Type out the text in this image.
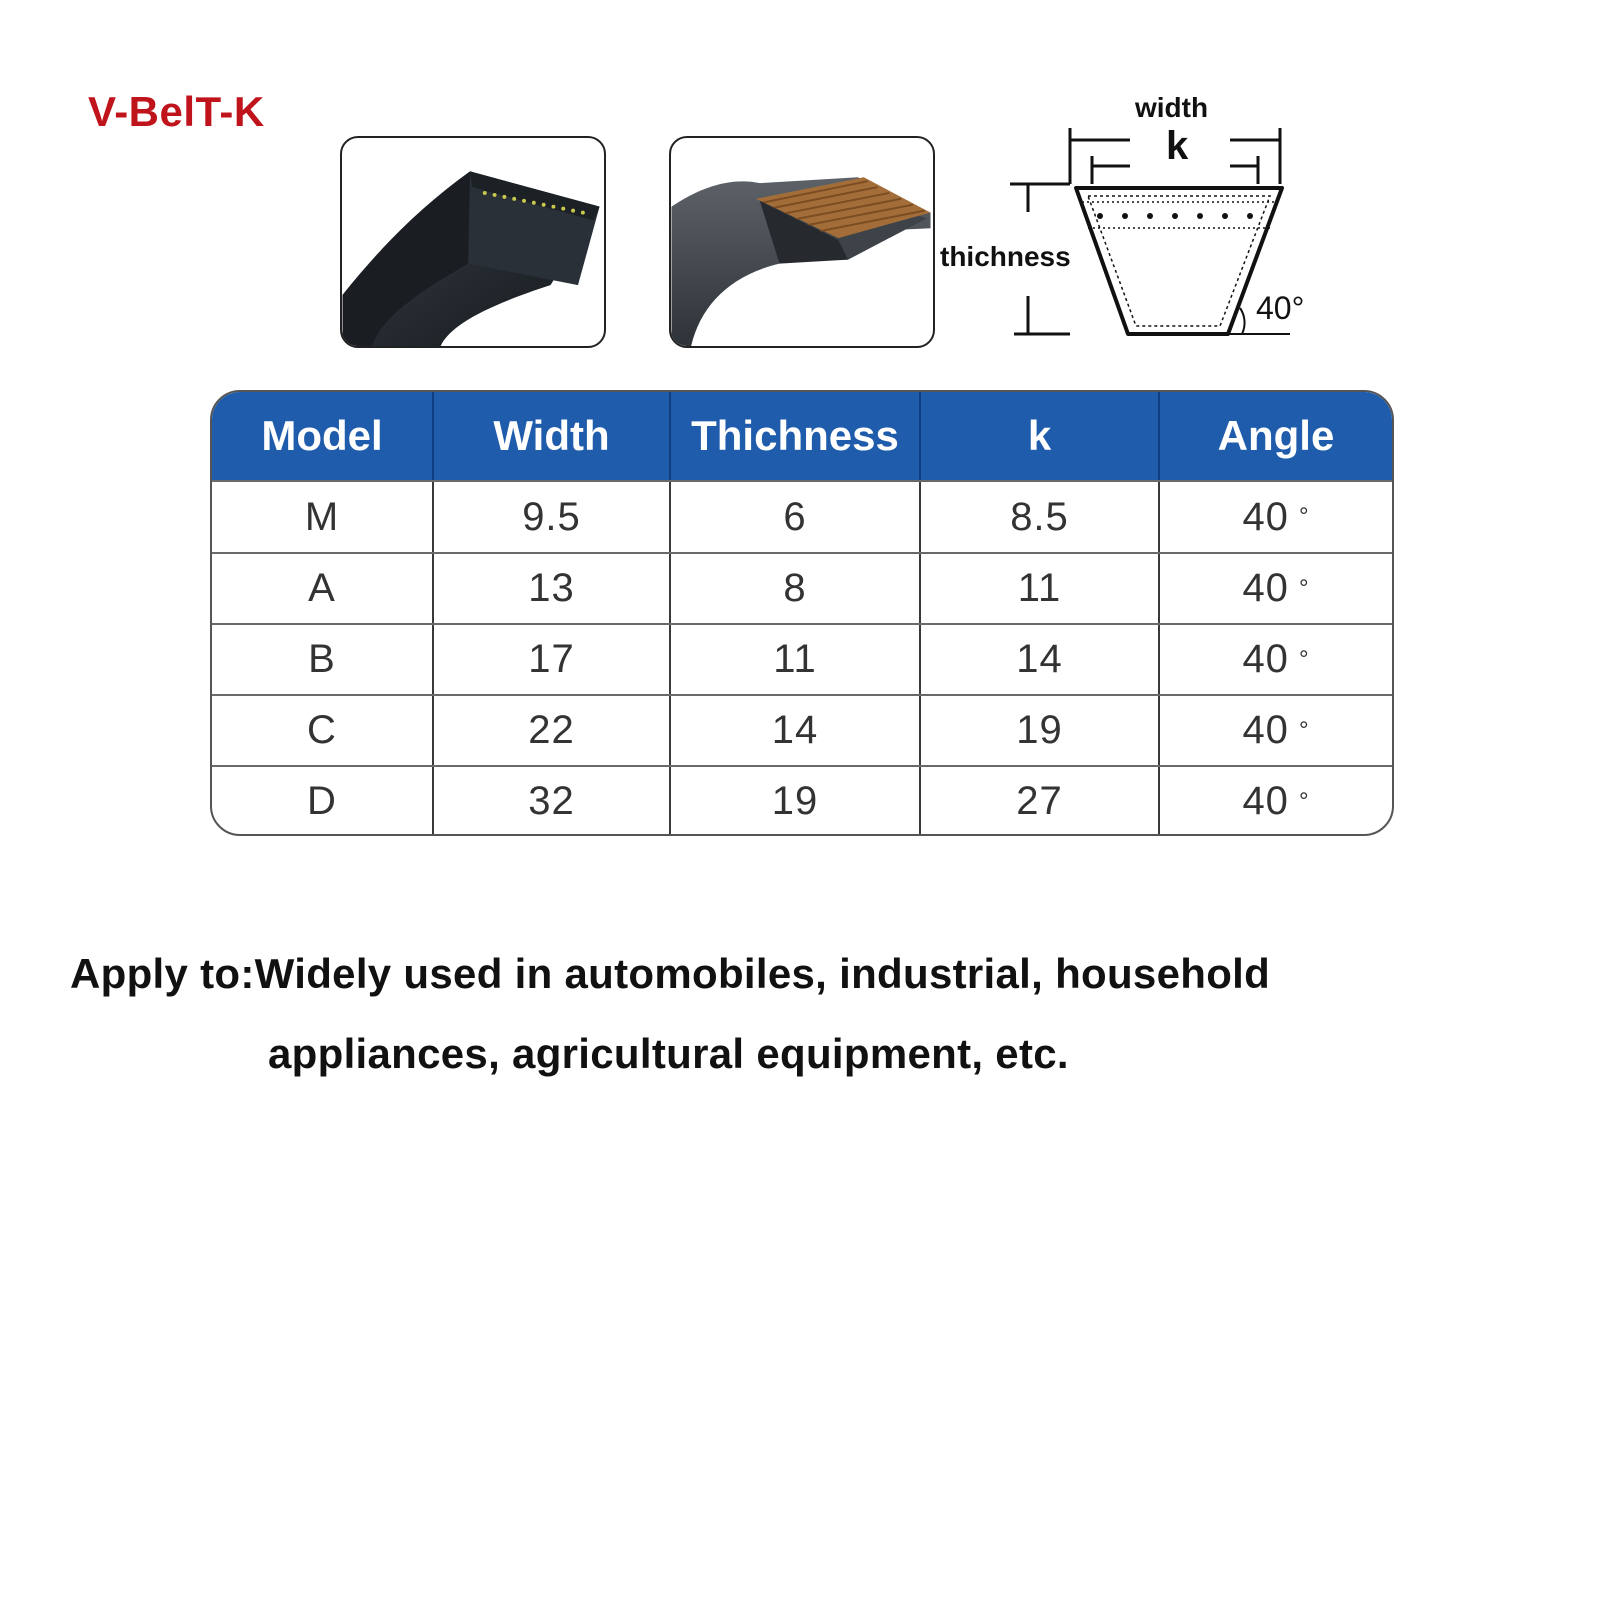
V-BelT-K	width
k
thichness
40°
Model	Width	Thichness	k	Angle
M	9.5	6	8.5	40 °
A	13	8	11	40 °
B	17	11	14	40 °
C	22	14	19	40 °
D	32	19	27	40 °
Apply to:Widely used in automobiles, industrial, household
appliances, agricultural equipment, etc.
